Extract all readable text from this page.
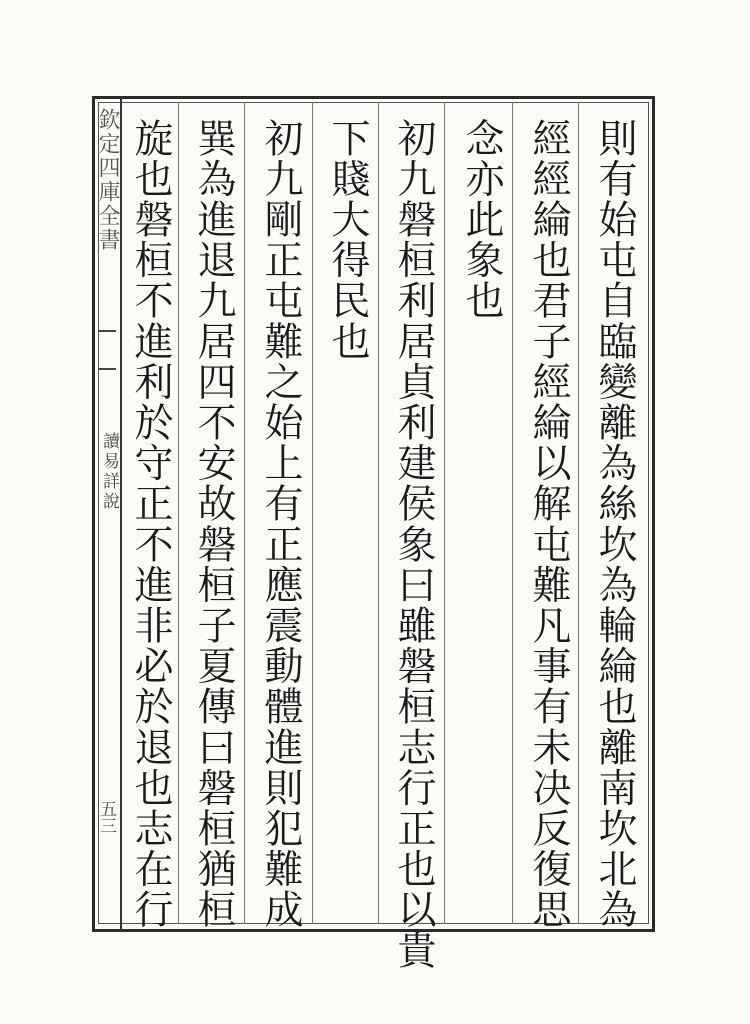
欽定四庫全書
讀易詳說
五三	則有始屯自臨變離為絲坎為輪綸也離南坎北為
經經綸也君子經綸以解屯難凡事有未决反復思
念亦此象也
初九磐桓利居貞利建侯象曰雖磐桓志行正也以貴
下賤大得民也
初九剛正屯難之始上有正應震動體進則犯難成
巽為進退九居四不安故磐桓子夏傳曰磐桓猶桓
旋也磐桓不進利於守正不進非必於退也志在行
